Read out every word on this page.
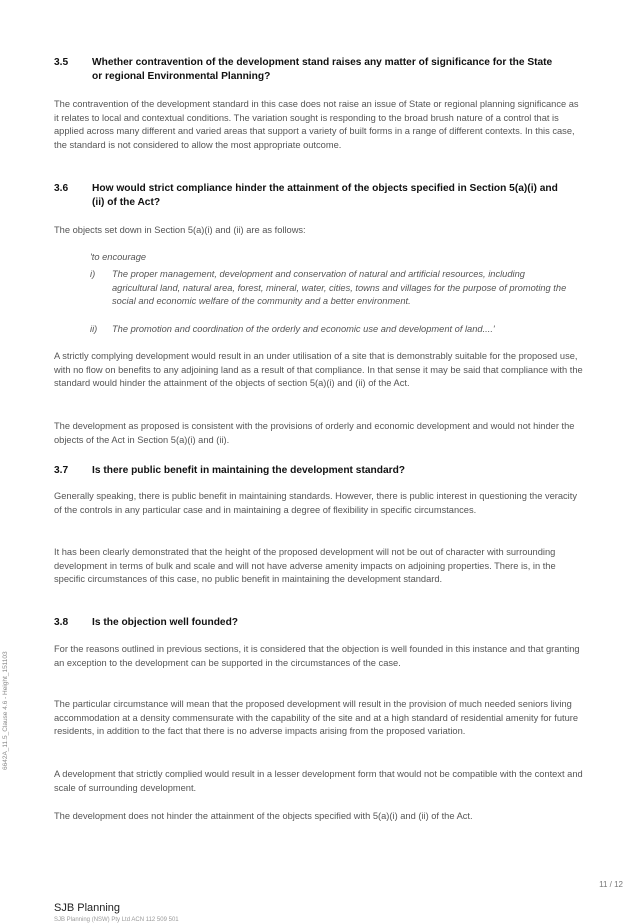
3.5	Whether contravention of the development stand raises any matter of significance for the State or regional Environmental Planning?

The contravention of the development standard in this case does not raise an issue of State or regional planning significance as it relates to local and contextual conditions. The variation sought is responding to the broad brush nature of a control that is applied across many different and varied areas that support a variety of built forms in a range of different contexts. In this case, the standard is not considered to allow the most appropriate outcome.

3.6	How would strict compliance hinder the attainment of the objects specified in Section 5(a)(i) and (ii) of the Act?

The objects set down in Section 5(a)(i) and (ii) are as follows:

'to encourage

i)	The proper management, development and conservation of natural and artificial resources, including agricultural land, natural area, forest, mineral, water, cities, towns and villages for the purpose of promoting the social and economic welfare of the community and a better environment.
ii)	The promotion and coordination of the orderly and economic use and development of land....'

A strictly complying development would result in an under utilisation of a site that is demonstrably suitable for the proposed use, with no flow on benefits to any adjoining land as a result of that compliance. In that sense it may be said that compliance with the standard would hinder the attainment of the objects of section 5(a)(i) and (ii) of the Act.

The development as proposed is consistent with the provisions of orderly and economic development and would not hinder the objects of the Act in Section 5(a)(i) and (ii).

3.7	Is there public benefit in maintaining the development standard?

Generally speaking, there is public benefit in maintaining standards. However, there is public interest in questioning the veracity of the controls in any particular case and in maintaining a degree of flexibility in specific circumstances.

It has been clearly demonstrated that the height of the proposed development will not be out of character with surrounding development in terms of bulk and scale and will not have adverse amenity impacts on adjoining properties. There is, in the specific circumstances of this case, no public benefit in maintaining the development standard.

3.8	Is the objection well founded?

For the reasons outlined in previous sections, it is considered that the objection is well founded in this instance and that granting an exception to the development can be supported in the circumstances of the case.

The particular circumstance will mean that the proposed development will result in the provision of much needed seniors living accommodation at a density commensurate with the capability of the site and at a high standard of residential amenity for future residents, in addition to the fact that there is no adverse impacts arising from the proposed variation.

A development that strictly complied would result in a lesser development form that would not be compatible with the context and scale of surrounding development.

The development does not hinder the attainment of the objects specified with 5(a)(i) and (ii) of the Act.

6642A_11.5_Clause 4.6 - Height_151103
11 / 12
SJB Planning
SJB Planning (NSW) Pty Ltd ACN 112 509 501
